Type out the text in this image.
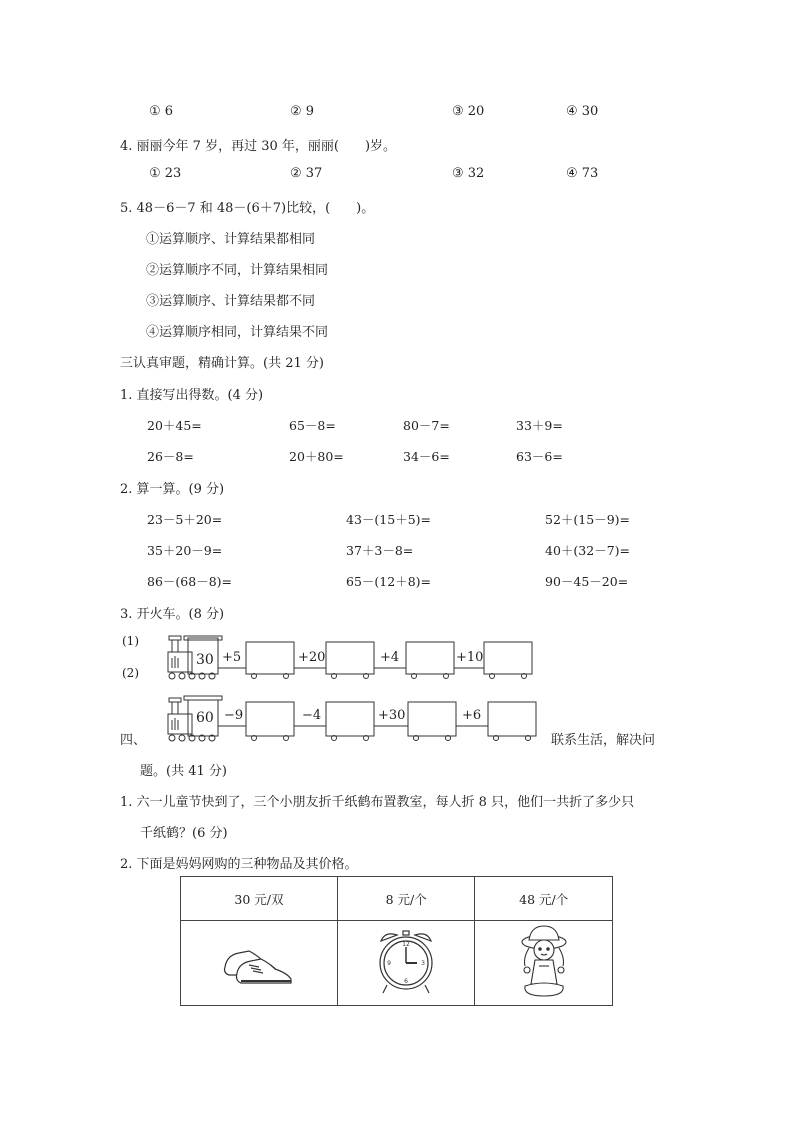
① 6	② 9	③ 20	④ 30
4. 丽丽今年 7 岁，再过 30 年，丽丽(　　)岁。
① 23	② 37	③ 32	④ 73
5. 48－6－7 和 48－(6＋7)比较，(　　)。
①运算顺序、计算结果都相同
②运算顺序不同，计算结果相同
③运算顺序、计算结果都不同
④运算顺序相同，计算结果不同
三认真审题，精确计算。(共 21 分)
1. 直接写出得数。(4 分)
20＋45=	65－8=	80－7=	33＋9=
26－8=	20＋80=	34－6=	63－6=
2. 算一算。(9 分)
23－5＋20=	43－(15＋5)=	52＋(15－9)=
35＋20－9=	37＋3－8=	40＋(32－7)=
86－(68－8)=	65－(12＋8)=	90－45－20=
3. 开火车。(8 分)
(1)
(2)
30 +5	+20	+4	+10
60 −9	−4	+30	+6
四、	联系生活，解决问
题。(共 41 分)
1. 六一儿童节快到了，三个小朋友折千纸鹤布置教室，每人折 8 只，他们一共折了多少只
千纸鹤？(6 分)
2. 下面是妈妈网购的三种物品及其价格。
30 元/双	8 元/个	48 元/个

12
3
6
9
